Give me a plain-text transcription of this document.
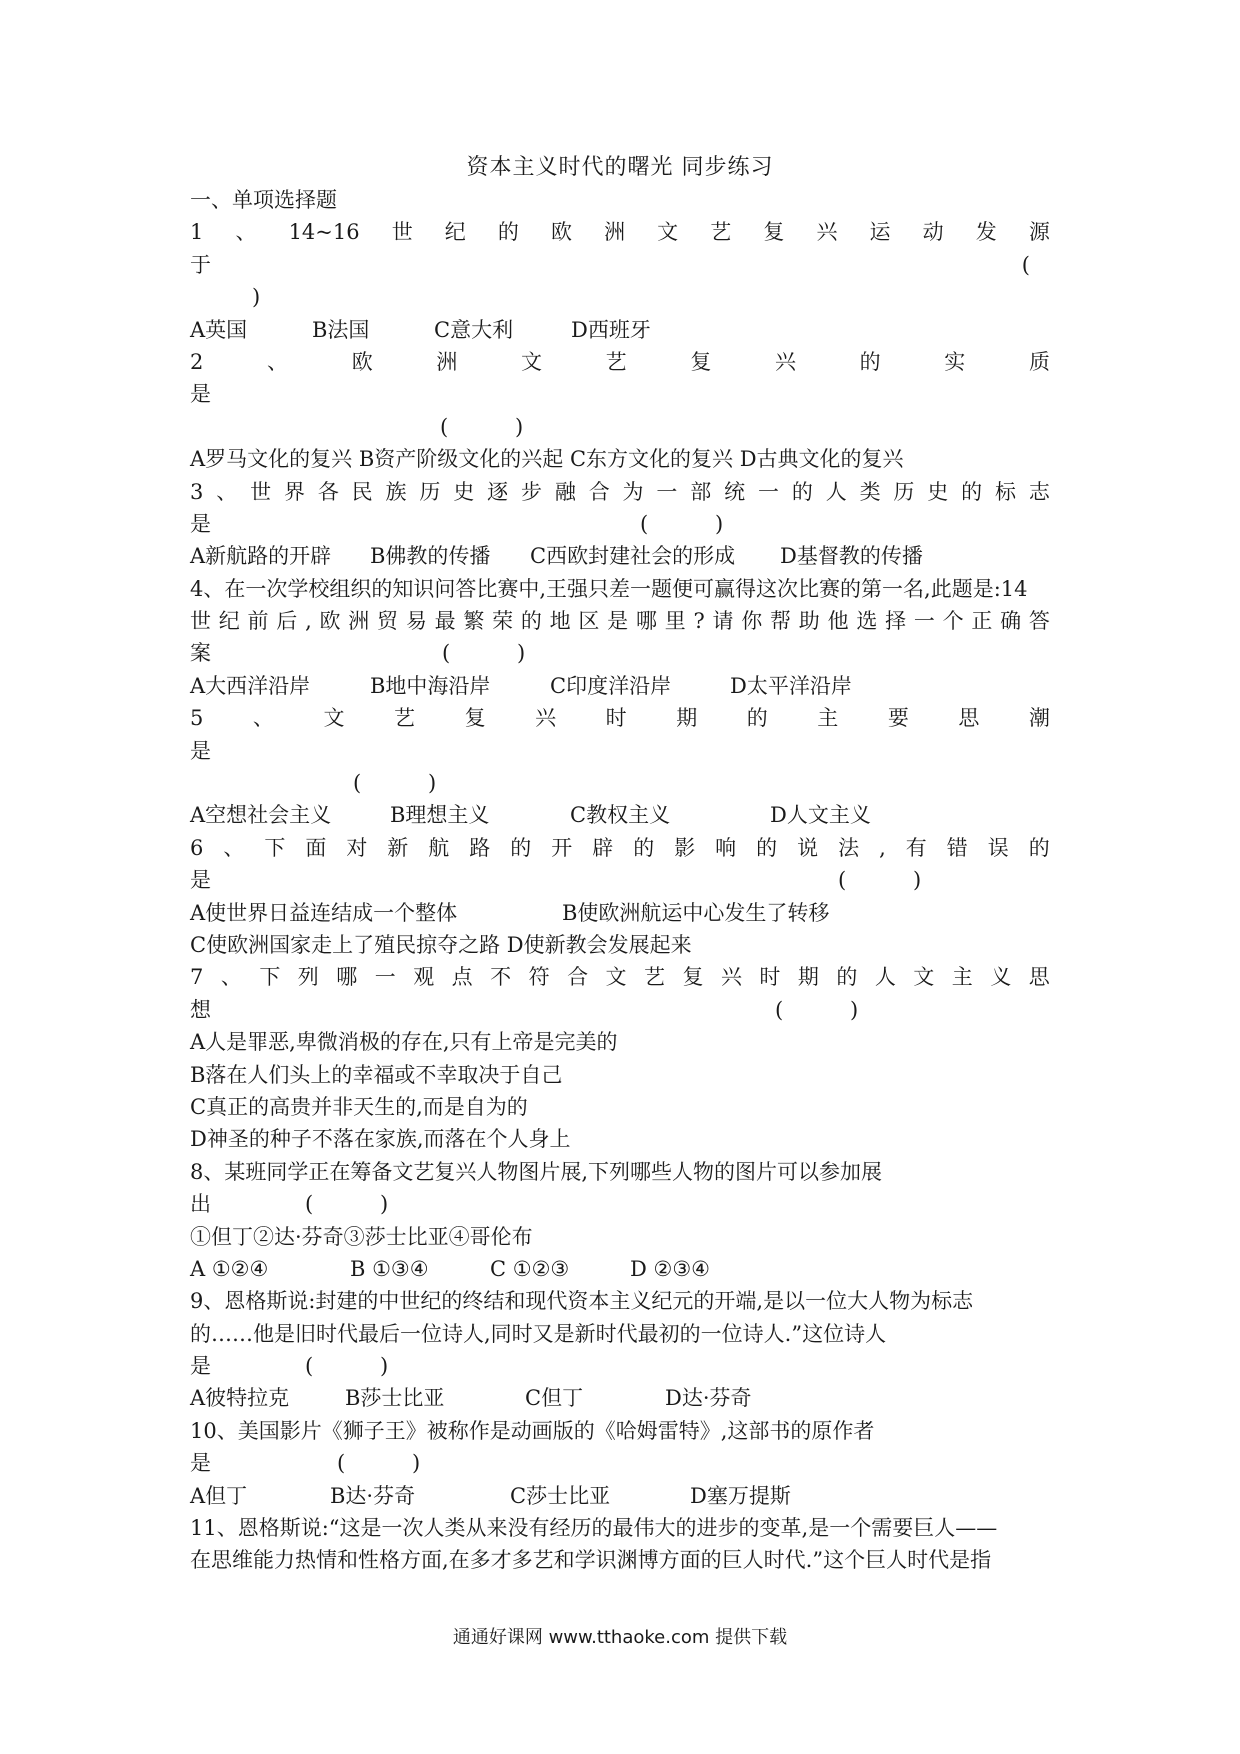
资本主义时代的曙光 同步练习
一、单项选择题
1 、 14~16 世 纪 的 欧 洲 文 艺 复 兴 运 动 发 源
于	(
)
A英国	B法国	C意大利	D西班牙
2	、	欧	洲	文	艺	复	兴	的	实	质
是
(          )
A罗马文化的复兴 B资产阶级文化的兴起 C东方文化的复兴 D古典文化的复兴
3 、 世 界 各 民 族 历 史 逐 步 融 合 为 一 部 统 一 的 人 类 历 史 的 标 志
是	(          )
A新航路的开辟 B佛教的传播 C西欧封建社会的形成 D基督教的传播
4、在一次学校组织的知识问答比赛中,王强只差一题便可赢得这次比赛的第一名,此题是:14
世 纪 前 后 , 欧 洲 贸 易 最 繁 荣 的 地 区 是 哪 里 ? 请 你 帮 助 他 选 择 一 个 正 确 答
案	(          )
A大西洋沿岸	B地中海沿岸	C印度洋沿岸	D太平洋沿岸
5 、 文 艺 复 兴 时 期 的 主 要 思 潮
是
(          )
A空想社会主义	B理想主义	C教权主义	D人文主义
6 、 下 面 对 新 航 路 的 开 辟 的 影 响 的 说 法 , 有 错 误 的
是	(          )
A使世界日益连结成一个整体	B使欧洲航运中心发生了转移
C使欧洲国家走上了殖民掠夺之路 D使新教会发展起来
7 、 下 列 哪 一 观 点 不 符 合 文 艺 复 兴 时 期 的 人 文 主 义 思
想	(          )
A人是罪恶,卑微消极的存在,只有上帝是完美的
B落在人们头上的幸福或不幸取决于自己
C真正的高贵并非天生的,而是自为的
D神圣的种子不落在家族,而落在个人身上
8、某班同学正在筹备文艺复兴人物图片展,下列哪些人物的图片可以参加展
出	(          )
①但丁②达·芬奇③莎士比亚④哥伦布
A ①②④	B ①③④	C ①②③	D ②③④
9、恩格斯说:封建的中世纪的终结和现代资本主义纪元的开端,是以一位大人物为标志
的……他是旧时代最后一位诗人,同时又是新时代最初的一位诗人.”这位诗人
是	(          )
A彼特拉克	B莎士比亚	C但丁	D达·芬奇
10、美国影片《狮子王》被称作是动画版的《哈姆雷特》,这部书的原作者
是	(          )
A但丁	B达·芬奇	C莎士比亚	D塞万提斯
11、恩格斯说:“这是一次人类从来没有经历的最伟大的进步的变革,是一个需要巨人——
在思维能力热情和性格方面,在多才多艺和学识渊博方面的巨人时代.”这个巨人时代是指
通通好课网 www.tthaoke.com 提供下载
